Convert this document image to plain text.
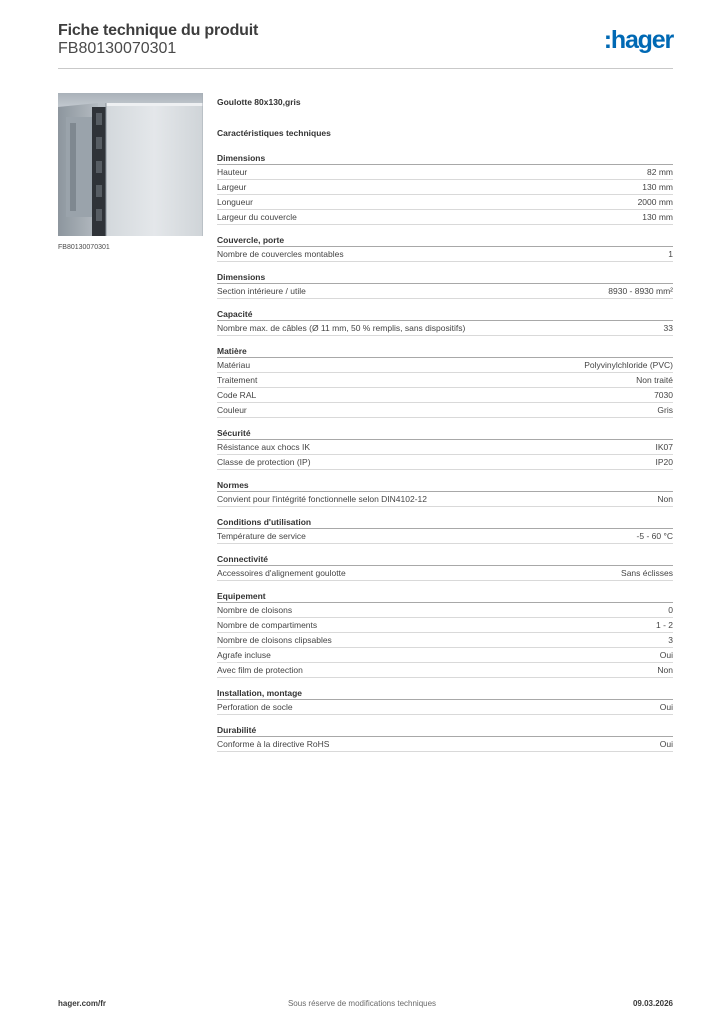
Fiche technique du produit
FB80130070301	:hager
FB80130070301
Goulotte 80x130,gris
Caractéristiques techniques
Dimensions
Hauteur	82 mm
Largeur	130 mm
Longueur	2000 mm
Largeur du couvercle	130 mm
Couvercle, porte
Nombre de couvercles montables	1
Dimensions
Section intérieure / utile	8930 - 8930 mm²
Capacité
Nombre max. de câbles (Ø 11 mm, 50 % remplis, sans dispositifs)	33
Matière
Matériau	Polyvinylchloride (PVC)
Traitement	Non traité
Code RAL	7030
Couleur	Gris
Sécurité
Résistance aux chocs IK	IK07
Classe de protection (IP)	IP20
Normes
Convient pour l'intégrité fonctionnelle selon DIN4102-12	Non
Conditions d'utilisation
Température de service	-5 - 60 °C
Connectivité
Accessoires d'alignement goulotte	Sans éclisses
Equipement
Nombre de cloisons	0
Nombre de compartiments	1 - 2
Nombre de cloisons clipsables	3
Agrafe incluse	Oui
Avec film de protection	Non
Installation, montage
Perforation de socle	Oui
Durabilité
Conforme à la directive RoHS	Oui
hager.com/fr	Sous réserve de modifications techniques	09.03.2026
